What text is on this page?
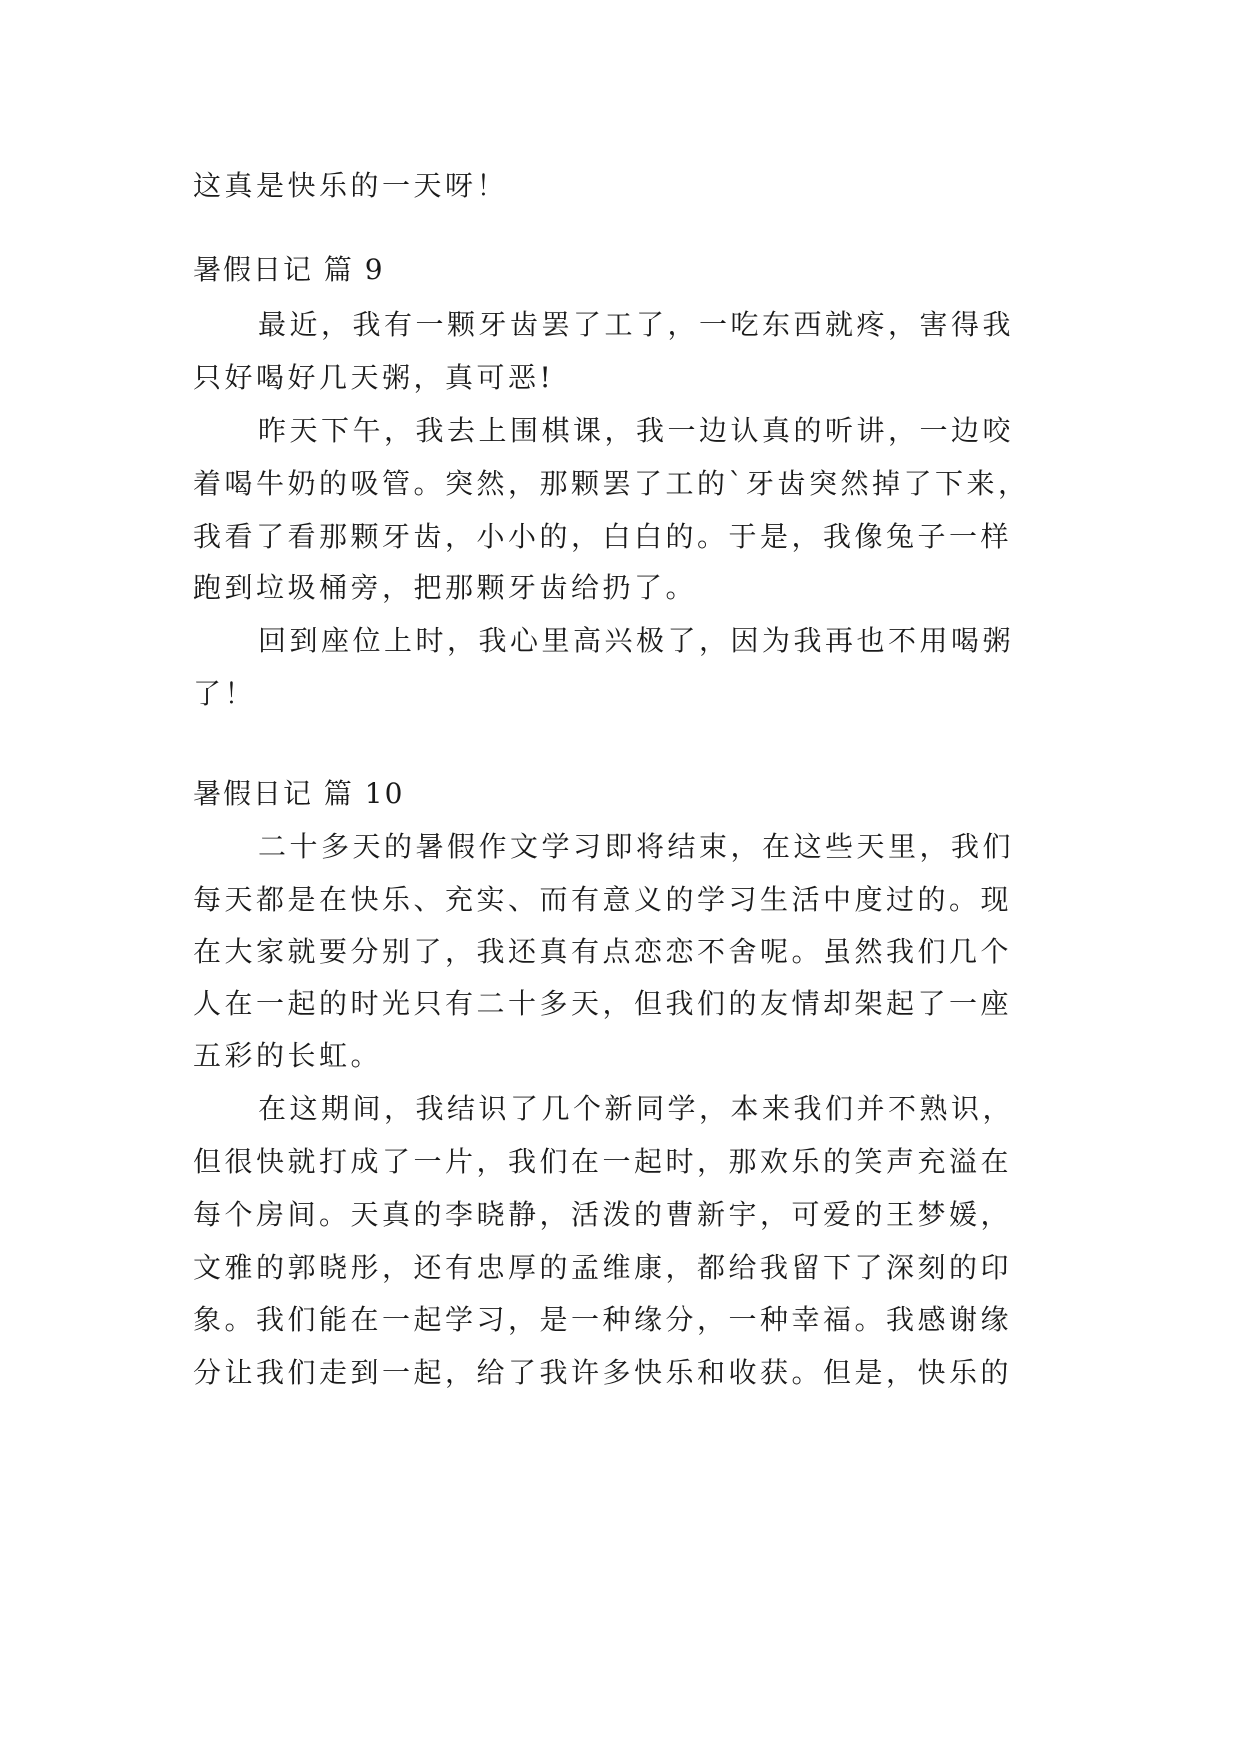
这真是快乐的一天呀！

暑假日记 篇 9

最近，我有一颗牙齿罢了工了，一吃东西就疼，害得我

只好喝好几天粥，真可恶!

昨天下午，我去上围棋课，我一边认真的听讲，一边咬

着喝牛奶的吸管。突然，那颗罢了工的`牙齿突然掉了下来，

我看了看那颗牙齿，小小的，白白的。于是，我像兔子一样

跑到垃圾桶旁，把那颗牙齿给扔了。

回到座位上时，我心里高兴极了，因为我再也不用喝粥

了！

暑假日记 篇 10

二十多天的暑假作文学习即将结束，在这些天里，我们

每天都是在快乐、充实、而有意义的学习生活中度过的。现

在大家就要分别了，我还真有点恋恋不舍呢。虽然我们几个

人在一起的时光只有二十多天，但我们的友情却架起了一座

五彩的长虹。

在这期间，我结识了几个新同学，本来我们并不熟识，

但很快就打成了一片，我们在一起时，那欢乐的笑声充溢在

每个房间。天真的李晓静，活泼的曹新宇，可爱的王梦媛，

文雅的郭晓彤，还有忠厚的孟维康，都给我留下了深刻的印

象。我们能在一起学习，是一种缘分，一种幸福。我感谢缘

分让我们走到一起，给了我许多快乐和收获。但是，快乐的
